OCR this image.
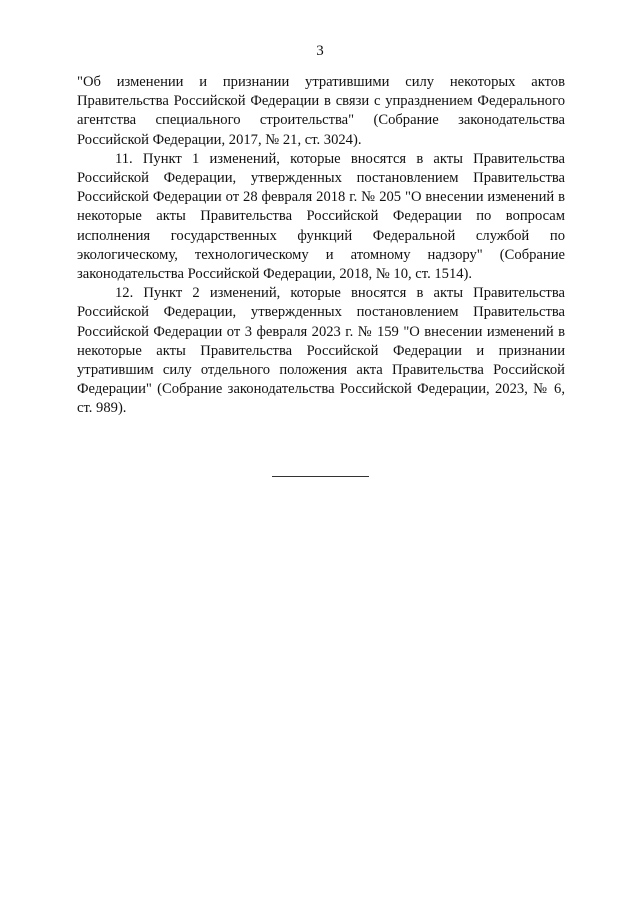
3

"Об изменении и признании утратившими силу некоторых актов Правительства Российской Федерации в связи с упразднением Федерального агентства специального строительства" (Собрание законодательства Российской Федерации, 2017, № 21, ст. 3024).

11. Пункт 1 изменений, которые вносятся в акты Правительства Российской Федерации, утвержденных постановлением Правительства Российской Федерации от 28 февраля 2018 г. № 205 "О внесении изменений в некоторые акты Правительства Российской Федерации по вопросам исполнения государственных функций Федеральной службой по экологическому, технологическому и атомному надзору" (Собрание законодательства Российской Федерации, 2018, № 10, ст. 1514).

12. Пункт 2 изменений, которые вносятся в акты Правительства Российской Федерации, утвержденных постановлением Правительства Российской Федерации от 3 февраля 2023 г. № 159 "О внесении изменений в некоторые акты Правительства Российской Федерации и признании утратившим силу отдельного положения акта Правительства Российской Федерации" (Собрание законодательства Российской Федерации, 2023, № 6, ст. 989).
